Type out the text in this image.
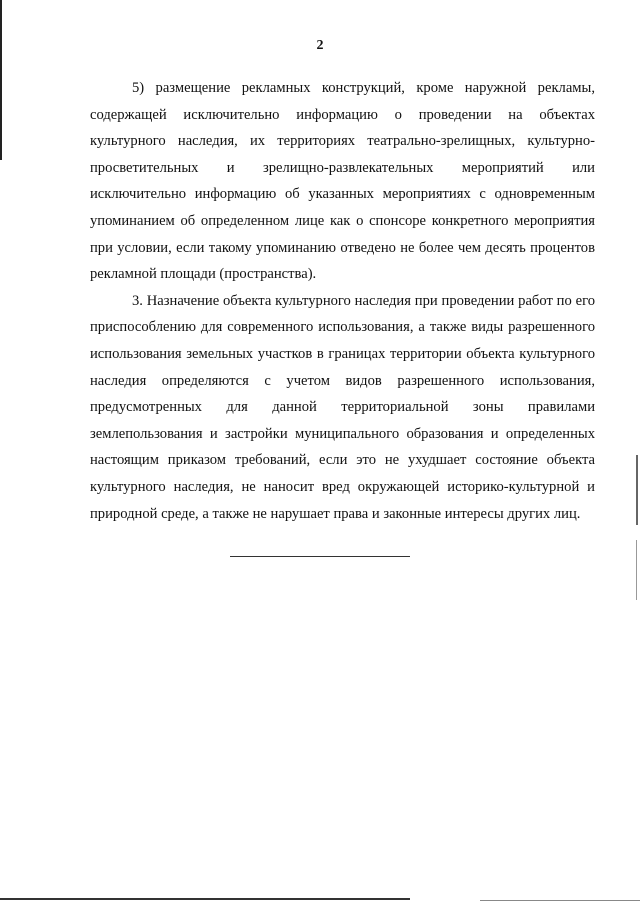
2

5) размещение рекламных конструкций, кроме наружной рекламы, содержащей исключительно информацию о проведении на объектах культурного наследия, их территориях театрально-зрелищных, культурно-просветительных и зрелищно-развлекательных мероприятий или исключительно информацию об указанных мероприятиях с одновременным упоминанием об определенном лице как о спонсоре конкретного мероприятия при условии, если такому упоминанию отведено не более чем десять процентов рекламной площади (пространства).

3. Назначение объекта культурного наследия при проведении работ по его приспособлению для современного использования, а также виды разрешенного использования земельных участков в границах территории объекта культурного наследия определяются с учетом видов разрешенного использования, предусмотренных для данной территориальной зоны правилами землепользования и застройки муниципального образования и определенных настоящим приказом требований, если это не ухудшает состояние объекта культурного наследия, не наносит вред окружающей историко-культурной и природной среде, а также не нарушает права и законные интересы других лиц.
